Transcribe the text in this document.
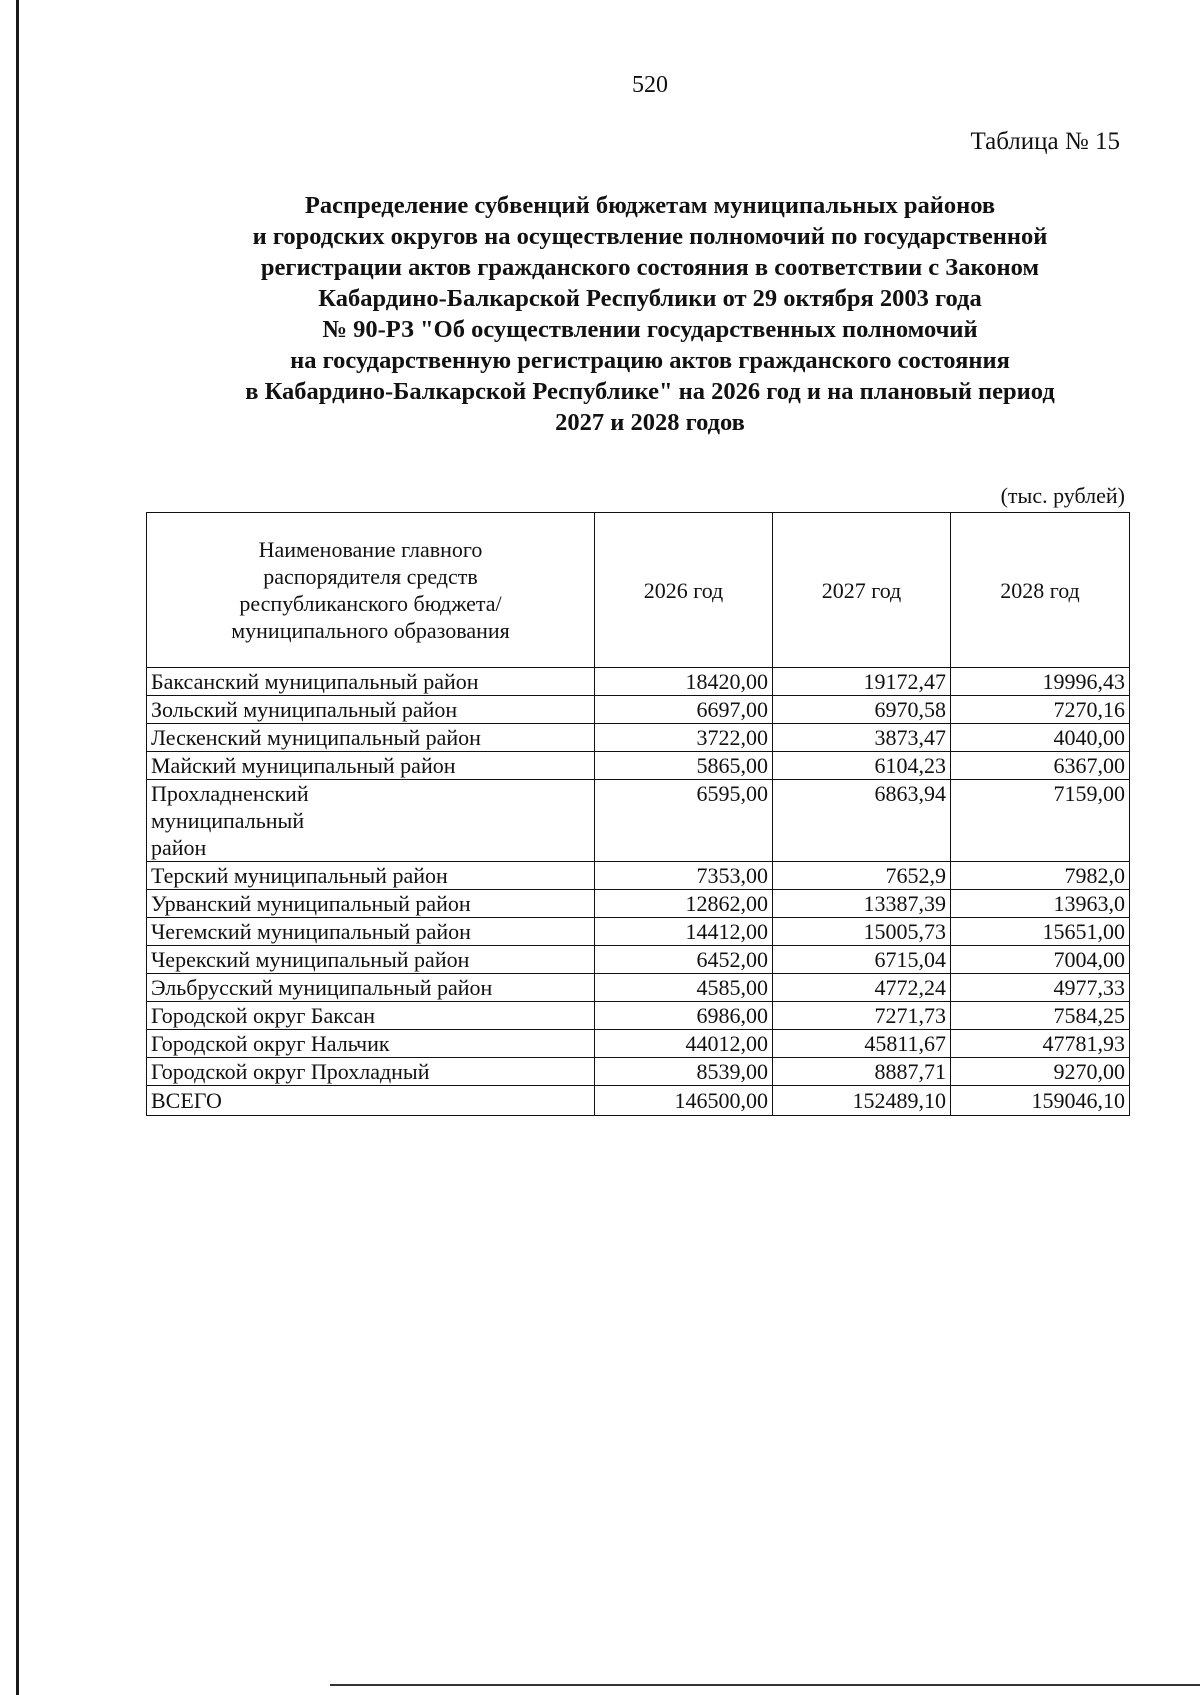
520
Таблица № 15
Распределение субвенций бюджетам муниципальных районов
и городских округов на осуществление полномочий по государственной
регистрации актов гражданского состояния в соответствии с Законом
Кабардино-Балкарской Республики от 29 октября 2003 года
№ 90-РЗ "Об осуществлении государственных полномочий
на государственную регистрацию актов гражданского состояния
в Кабардино-Балкарской Республике" на 2026 год и на плановый период
2027 и 2028 годов
(тыс. рублей)
Наименование главного распорядителя средств республиканского бюджета/муниципального образования	2026 год	2027 год	2028 год
Баксанский муниципальный район	18420,00	19172,47	19996,43
Зольский муниципальный район	6697,00	6970,58	7270,16
Лескенский муниципальный район	3722,00	3873,47	4040,00
Майский муниципальный район	5865,00	6104,23	6367,00
Прохладненский муниципальный район	6595,00	6863,94	7159,00
Терский муниципальный район	7353,00	7652,9	7982,0
Урванский муниципальный район	12862,00	13387,39	13963,0
Чегемский муниципальный район	14412,00	15005,73	15651,00
Черекский муниципальный район	6452,00	6715,04	7004,00
Эльбрусский муниципальный район	4585,00	4772,24	4977,33
Городской округ Баксан	6986,00	7271,73	7584,25
Городской округ Нальчик	44012,00	45811,67	47781,93
Городской округ Прохладный	8539,00	8887,71	9270,00
ВСЕГО	146500,00	152489,10	159046,10
